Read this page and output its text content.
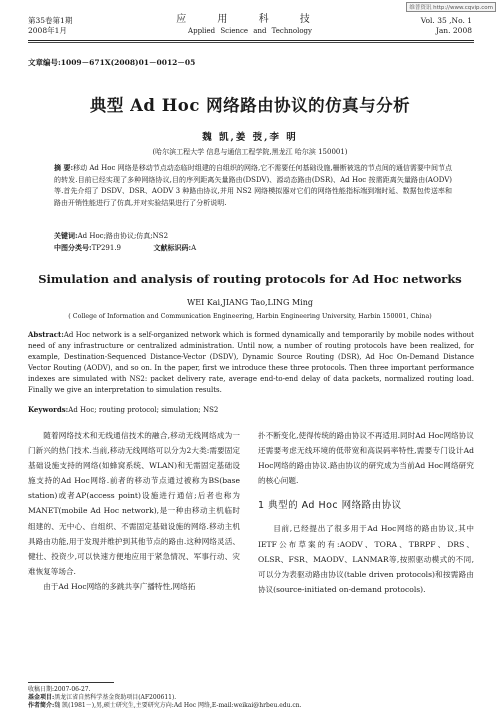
维普资讯 http://www.cqvip.com
第35卷第1期
2008年1月
应 用 科 技
Applied Science and Technology
Vol. 35 ,No. 1
Jan. 2008
文章编号:1009－671X(2008)01－0012－05
典型 Ad Hoc 网络路由协议的仿真与分析
魏 凯,姜 弢,李 明
(哈尔滨工程大学 信息与通信工程学院,黑龙江 哈尔滨 150001)
摘 要:移动 Ad Hoc 网络是移动节点动态临时组建的自组织的网络,它不需要任何基础设施,柵断被选的节点间的通信需要中间节点的转发.目前已经实现了多种网络协议,目的序列距离矢量路由(DSDV)、源动态路由(DSR)、Ad Hoc 按需距离矢量路由(AODV)等.首先介绍了 DSDV、DSR、AODV 3 种路由协议,并用 NS2 网络模拟器对它们的网络性能指标端到端时延、数据包传送率和路由开销性能进行了仿真,并对实验结果进行了分析说明.
关键词:Ad Hoc;路由协议;仿真;NS2
中图分类号:TP291.9	文献标识码:A
Simulation and analysis of routing protocols for Ad Hoc networks
WEI Kai,JIANG Tao,LING Ming
( College of Information and Communication Engineering, Harbin Engineering University, Harbin 150001, China)
Abstract:Ad Hoc network is a self-organized network which is formed dynamically and temporarily by mobile nodes without need of any infrastructure or centralized administration. Until now, a number of routing protocols have been realized, for example, Destination-Sequenced Distance-Vector (DSDV), Dynamic Source Routing (DSR), Ad Hoc On-Demand Distance Vector Routing (AODV), and so on. In the paper, first we introduce these three protocols. Then three important performance indexes are simulated with NS2: packet delivery rate, average end-to-end delay of data packets, normalized routing load. Finally we give an interpretation to simulation results.
Keywords:Ad Hoc; routing protocol; simulation; NS2

随着网络技术和无线通信技术的融合,移动无线网络成为一门新兴的热门技术.当前,移动无线网络可以分为2大类:需要固定基础设施支持的网络(如蜂窝系统、WLAN)和无需固定基础设施支持的Ad Hoc网络.前者的移动节点通过被称为BS(base station)或者AP(access point)设施进行通信;后者也称为MANET(mobile Ad Hoc network),是一种由移动主机临时组建的、无中心、自组织、不需固定基础设施的网络.移动主机具路由功能,用于发现并维护到其他节点的路由.这种网络灵活、健壮、投资少,可以快速方便地应用于紧急情况、军事行动、灾难恢复等场合.

由于Ad Hoc网络的多跳共享广播特性,网络拓

扑不断变化,使得传统的路由协议不再适用.同时Ad Hoc网络协议还需要考虑无线环境的低带宽和高误码率特性,需要专门设计Ad Hoc网络的路由协议.路由协议的研究成为当前Ad Hoc网络研究的核心问题.

1 典型的 Ad Hoc 网络路由协议

目前,已经提出了很多用于Ad Hoc网络的路由协议,其中IETF公布草案的有:AODV、TORA、TBRPF、DRS、OLSR、FSR、MAODV、LANMAR等,按照驱动模式的不同,可以分为表驱动路由协议(table driven protocols)和按需路由协议(source-initiated on-demand protocols).

收稿日期:2007-06-27.
基金项目:黑龙江省自然科学基金资助项目(AF200611).
作者简介:魏 凯(1981－),男,硕士研究生,主要研究方向:Ad Hoc 网络,E-mail:weikai@hrbeu.edu.cn.
